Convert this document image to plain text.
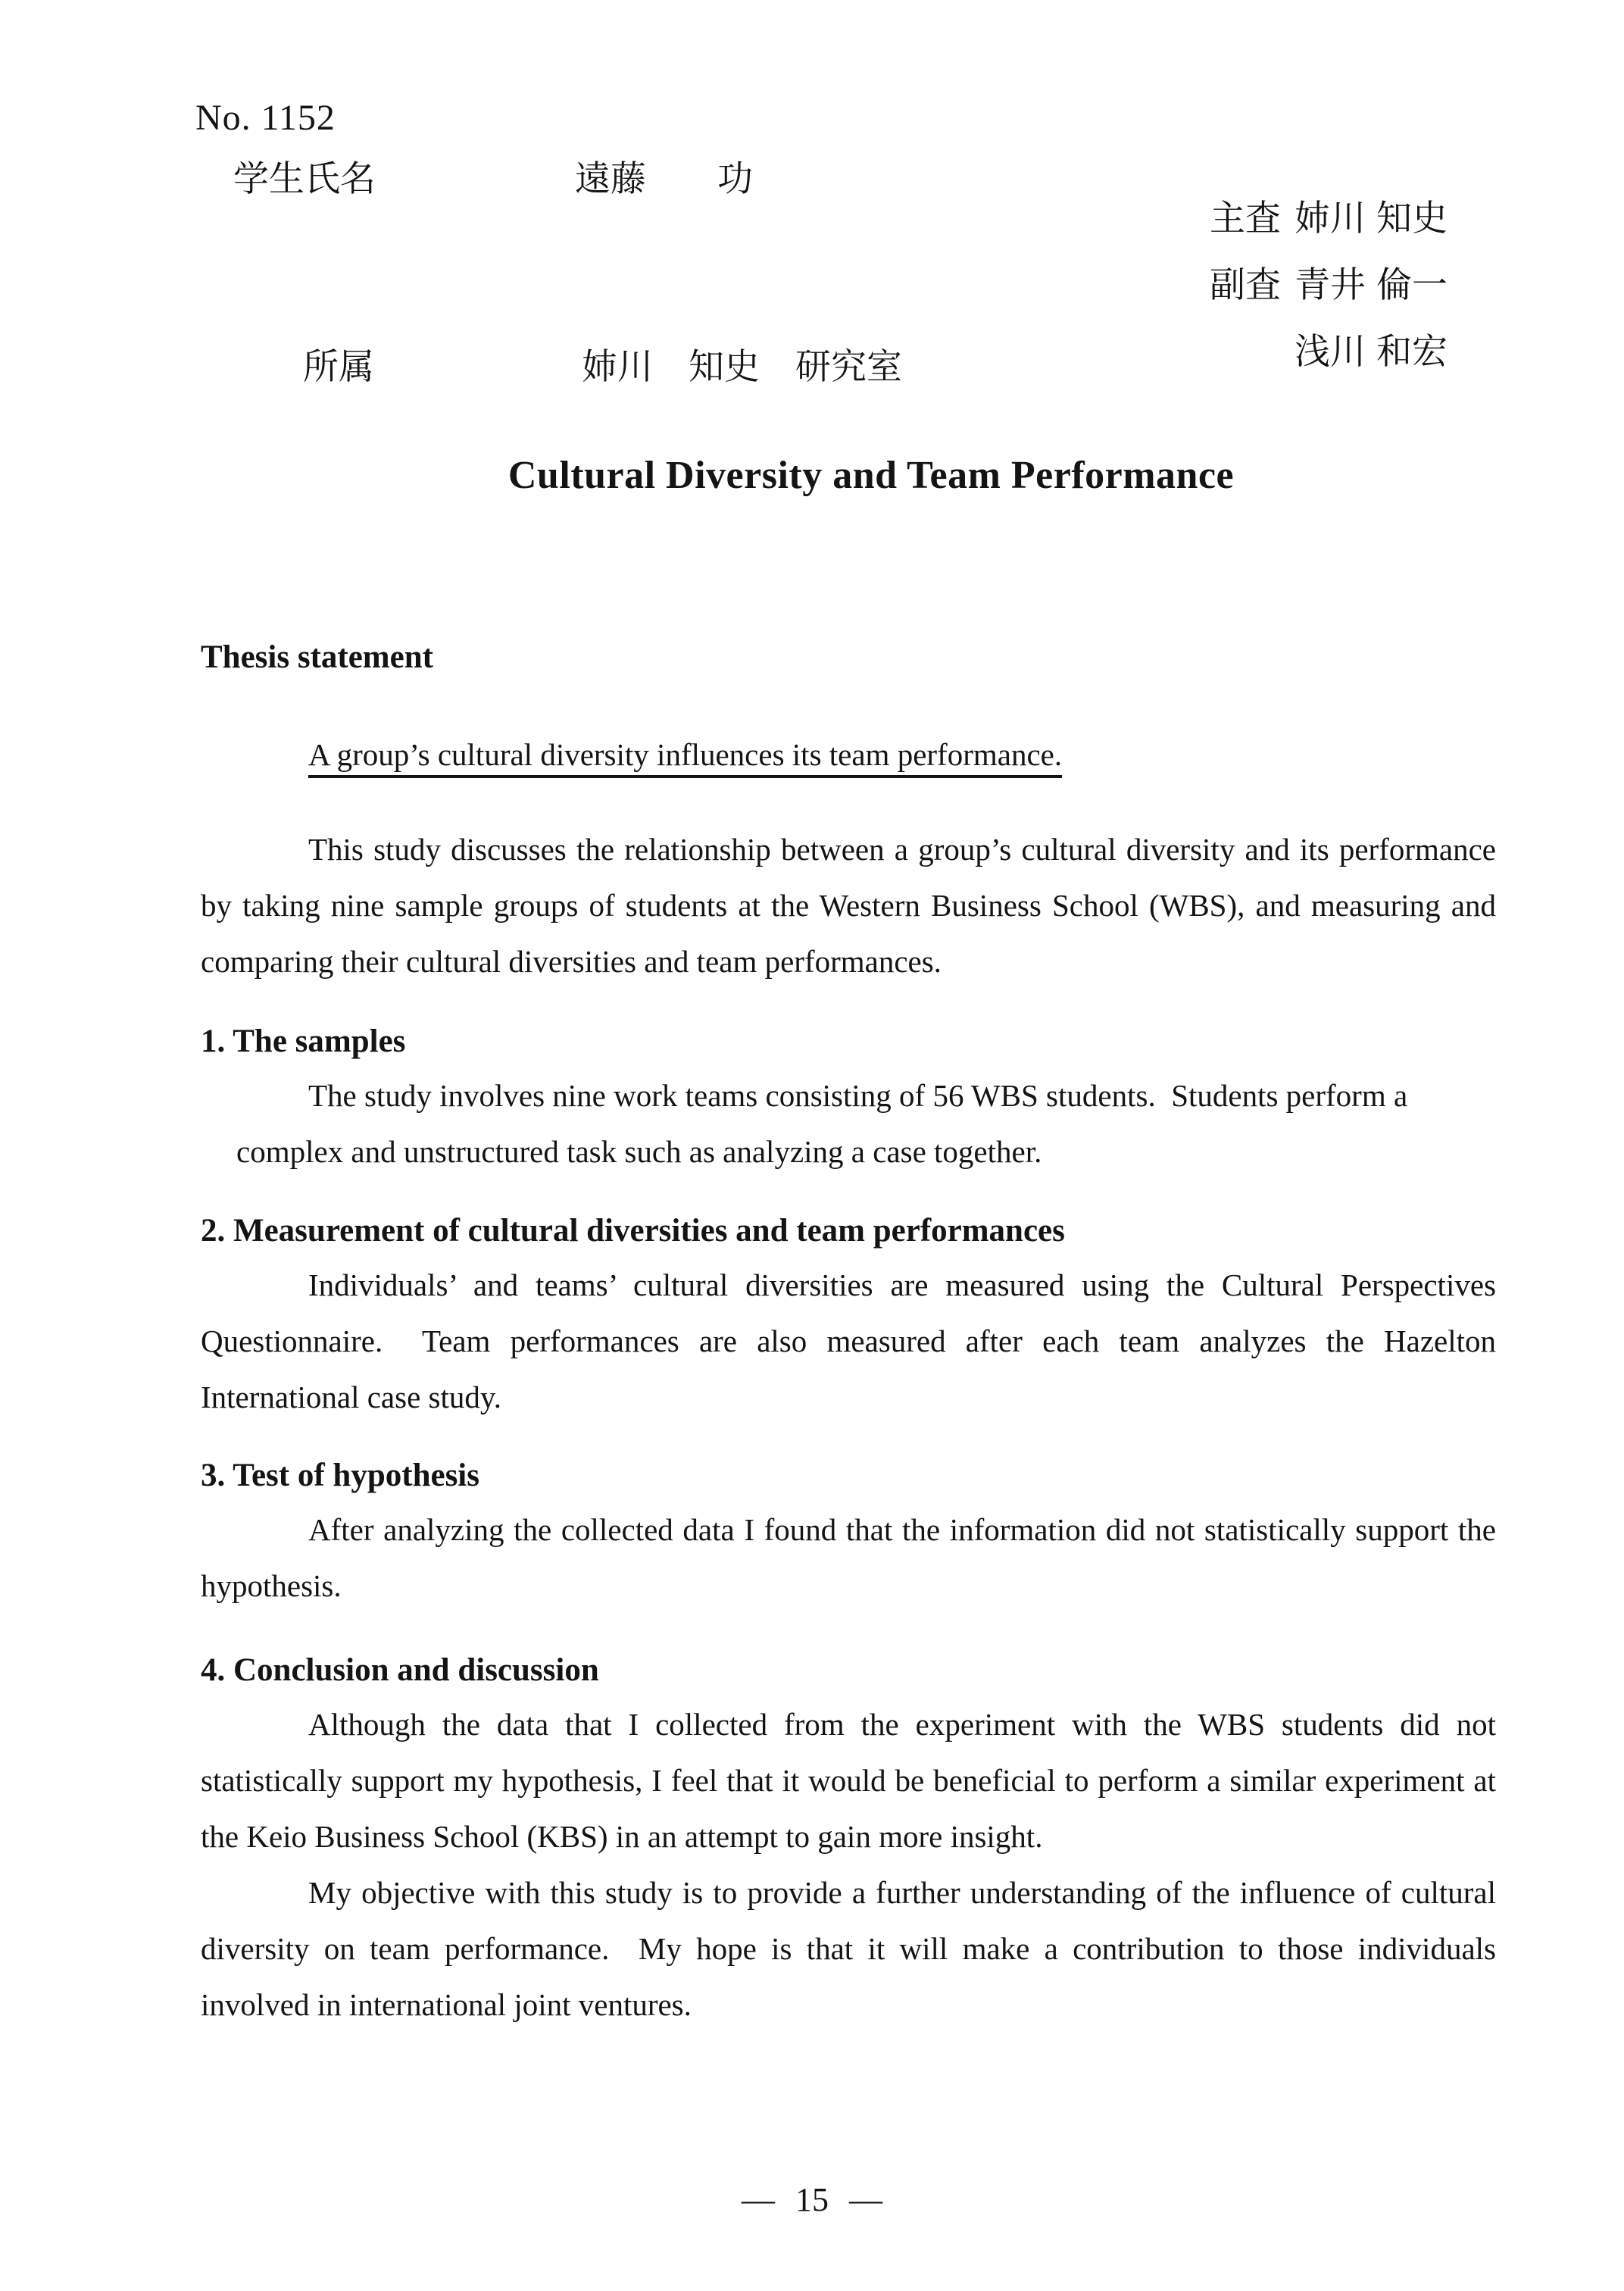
No. 1152
学生氏名	遠藤　　功

主査 姉川 知史

副査 青井 倫一

浅川 和宏

所属	姉川　知史　研究室
Cultural Diversity and Team Performance
Thesis statement
A group’s cultural diversity influences its team performance.

This study discusses the relationship between a group’s cultural diversity and its performance by taking nine sample groups of students at the Western Business School (WBS), and measuring and comparing their cultural diversities and team performances.

1. The samples

The study involves nine work teams consisting of 56 WBS students.  Students perform a complex and unstructured task such as analyzing a case together.

2. Measurement of cultural diversities and team performances

Individuals’ and teams’ cultural diversities are measured using the Cultural Perspectives Questionnaire.  Team performances are also measured after each team analyzes the Hazelton International case study.

3. Test of hypothesis

After analyzing the collected data I found that the information did not statistically support the hypothesis.

4. Conclusion and discussion

Although the data that I collected from the experiment with the WBS students did not statistically support my hypothesis, I feel that it would be beneficial to perform a similar experiment at the Keio Business School (KBS) in an attempt to gain more insight.

My objective with this study is to provide a further understanding of the influence of cultural diversity on team performance.  My hope is that it will make a contribution to those individuals involved in international joint ventures.

— 15 —
